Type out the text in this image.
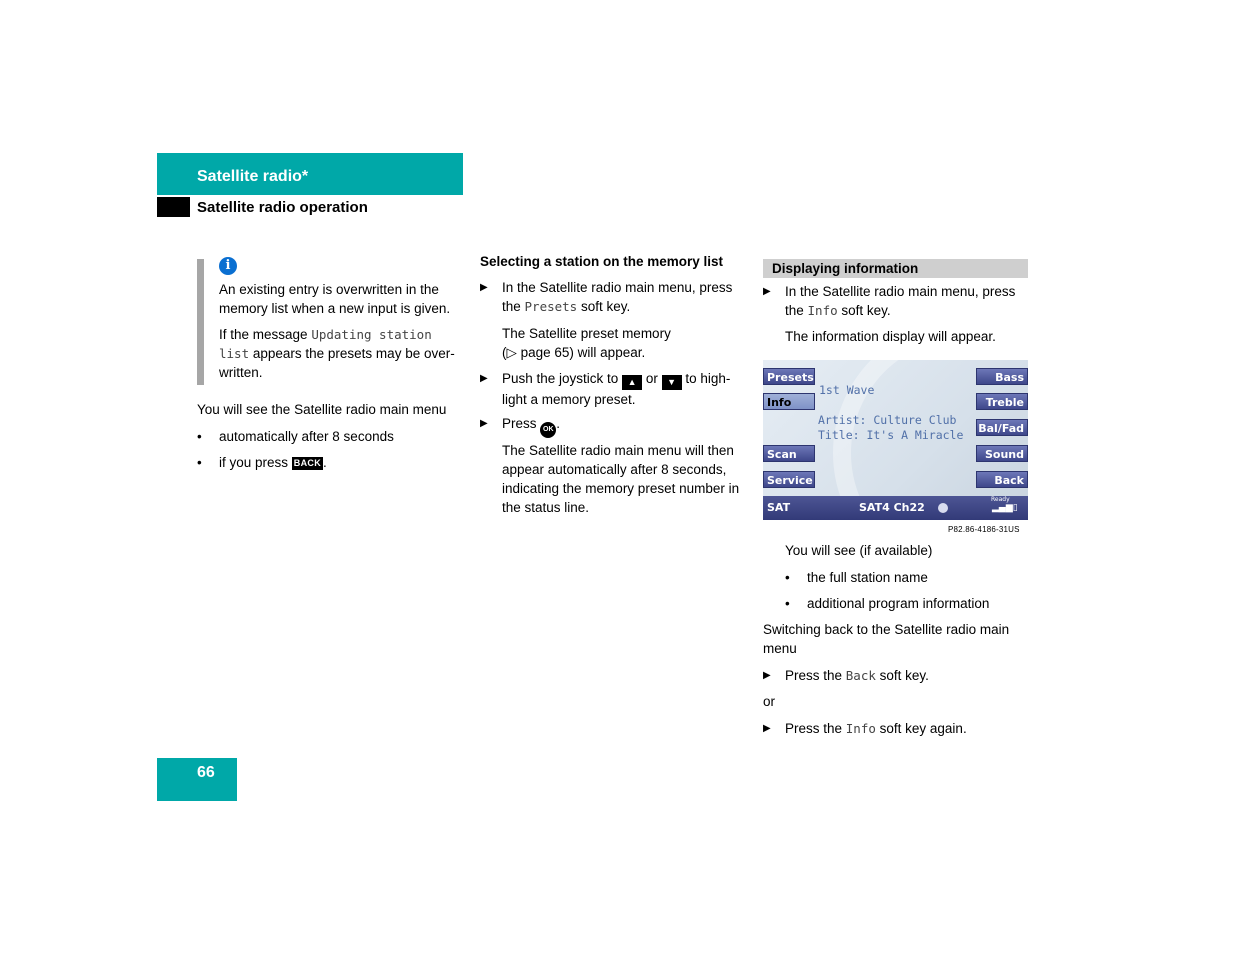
Satellite radio*
Satellite radio operation
i
An existing entry is overwritten in the memory list when a new input is given.
If the message Updating station list appears the presets may be over-written.
You will see the Satellite radio main menu
• automatically after 8 seconds
• if you press BACK .
Selecting a station on the memory list
▶ In the Satellite radio main menu, press the Presets soft key.
The Satellite preset memory
(▷ page 65) will appear.
▶ Push the joystick to ▲ or ▼ to high-
light a memory preset.
▶ Press OK .
The Satellite radio main menu will then appear automatically after 8 seconds, indicating the memory preset number in the status line.
Displaying information
▶ In the Satellite radio main menu, press the Info soft key.
The information display will appear.
Presets
Info
Scan
Service
Bass
Treble
Bal/Fad
Sound
Back
1st Wave
Artist: Culture Club
Title: It's A Miracle
SAT	SAT4 Ch22
Ready
▂▄▆▯
P82.86-4186-31US
You will see (if available)
• the full station name
• additional program information
Switching back to the Satellite radio main menu
▶ Press the Back soft key.
or
▶ Press the Info soft key again.
66
